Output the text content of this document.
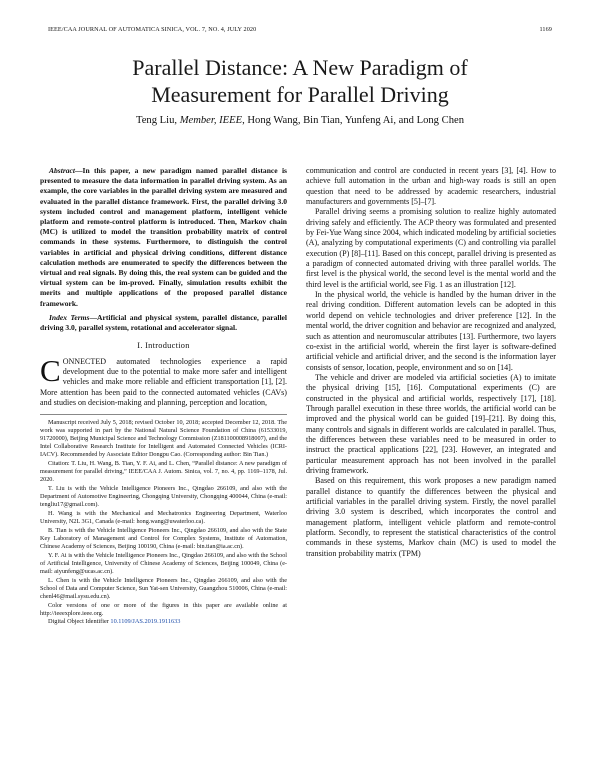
IEEE/CAA JOURNAL OF AUTOMATICA SINICA, VOL. 7, NO. 4, JULY 2020	1169
Parallel Distance: A New Paradigm of
Measurement for Parallel Driving
Teng Liu, Member, IEEE, Hong Wang, Bin Tian, Yunfeng Ai, and Long Chen

Abstract—In this paper, a new paradigm named parallel distance is presented to measure the data information in parallel driving system. As an example, the core variables in the parallel driving system are measured and evaluated in the parallel distance framework. First, the parallel driving 3.0 system included control and management platform, intelligent vehicle platform and remote-control platform is introduced. Then, Markov chain (MC) is utilized to model the transition probability matrix of control commands in these systems. Furthermore, to distinguish the control variables in artificial and physical driving conditions, different distance calculation methods are enumerated to specify the differences between the virtual and real signals. By doing this, the real system can be guided and the virtual system can be im-proved. Finally, simulation results exhibit the merits and multiple applications of the proposed parallel distance framework.

Index Terms—Artificial and physical system, parallel distance, parallel driving 3.0, parallel system, rotational and accelerator signal.

I. Introduction

CONNECTED automated technologies experience a rapid development due to the potential to make more safer and intelligent vehicles and make more reliable and efficient transportation [1], [2]. More attention has been paid to the connected automated vehicles (CAVs) and studies on decision-making and planning, perception and location,

Manuscript received July 5, 2018; revised October 10, 2018; accepted December 12, 2018. The work was supported in part by the National Natural Science Foundation of China (61533019, 91720000), Beijing Municipal Science and Technology Commission (Z181100008918007), and the Intel Collaborative Research Institute for Intelligent and Automated Connected Vehicles (ICRI-IACV). Recommended by Associate Editor Dongpu Cao. (Corresponding author: Bin Tian.)

Citation: T. Liu, H. Wang, B. Tian, Y. F. Ai, and L. Chen, “Parallel distance: A new paradigm of measurement for parallel driving,” IEEE/CAA J. Autom. Sinica, vol. 7, no. 4, pp. 1169–1178, Jul. 2020.

T. Liu is with the Vehicle Intelligence Pioneers Inc., Qingdao 266109, and also with the Department of Automotive Engineering, Chongqing University, Chongqing 400044, China (e-mail: tengliu17@gmail.com).

H. Wang is with the Mechanical and Mechatronics Engineering Department, Waterloo University, N2L 3G1, Canada (e-mail: hong.wang@uwaterloo.ca).

B. Tian is with the Vehicle Intelligence Pioneers Inc., Qingdao 266109, and also with the State Key Laboratory of Management and Control for Complex Systems, Institute of Automation, Chinese Academy of Sciences, Beijing 100190, China (e-mail: bin.tian@ia.ac.cn).

Y. F. Ai is with the Vehicle Intelligence Pioneers Inc., Qingdao 266109, and also with the School of Artificial Intelligence, University of Chinese Academy of Sciences, Beijing 100049, China (e-mail: aiyunfeng@ucas.ac.cn).

L. Chen is with the Vehicle Intelligence Pioneers Inc., Qingdao 266109, and also with the School of Data and Computer Science, Sun Yat-sen University, Guangzhou 510006, China (e-mail: chenl46@mail.sysu.edu.cn).

Color versions of one or more of the figures in this paper are available online at http://ieeexplore.ieee.org.

Digital Object Identifier 10.1109/JAS.2019.1911633

communication and control are conducted in recent years [3], [4]. How to achieve full automation in the urban and high-way roads is still an open question that need to be addressed by academic researchers, industrial manufacturers and governments [5]–[7].

Parallel driving seems a promising solution to realize highly automated driving safely and efficiently. The ACP theory was formulated and presented by Fei-Yue Wang since 2004, which indicated modeling by artificial societies (A), analyzing by computational experiments (C) and controlling via parallel execution (P) [8]–[11]. Based on this concept, parallel driving is presented as a paradigm of connected automated driving with three parallel worlds. The first level is the physical world, the second level is the mental world and the third level is the artificial world, see Fig. 1 as an illustration [12].

In the physical world, the vehicle is handled by the human driver in the real driving condition. Different automation levels can be adopted in this world depend on vehicle technologies and driver preference [12]. In the mental world, the driver cognition and behavior are recognized and analyzed, such as attention and neuromuscular attributes [13]. Furthermore, two layers co-exist in the artificial world, wherein the first layer is software-defined artificial vehicle and artificial driver, and the second is the information layer consists of sensor, location, people, environment and so on [14].

The vehicle and driver are modeled via artificial societies (A) to imitate the physical driving [15], [16]. Computational experiments (C) are constructed in the physical and artificial worlds, respectively [17], [18]. Through parallel execution in these three worlds, the artificial world can be improved and the physical world can be guided [19]–[21]. By doing this, many controls and signals in different worlds are calculated in parallel. Thus, the differences between these variables need to be measured in order to instruct the practical applications [22], [23]. However, an integrated and particular measurement approach has not been involved in the parallel driving framework.

Based on this requirement, this work proposes a new paradigm named parallel distance to quantify the differences between the physical and artificial variables in the parallel driving system. Firstly, the novel parallel driving 3.0 system is described, which incorporates the control and management platform, intelligent vehicle platform and remote-control platform. Secondly, to represent the statistical characteristics of the control commands in these systems, Markov chain (MC) is used to model the transition probability matrix (TPM)
